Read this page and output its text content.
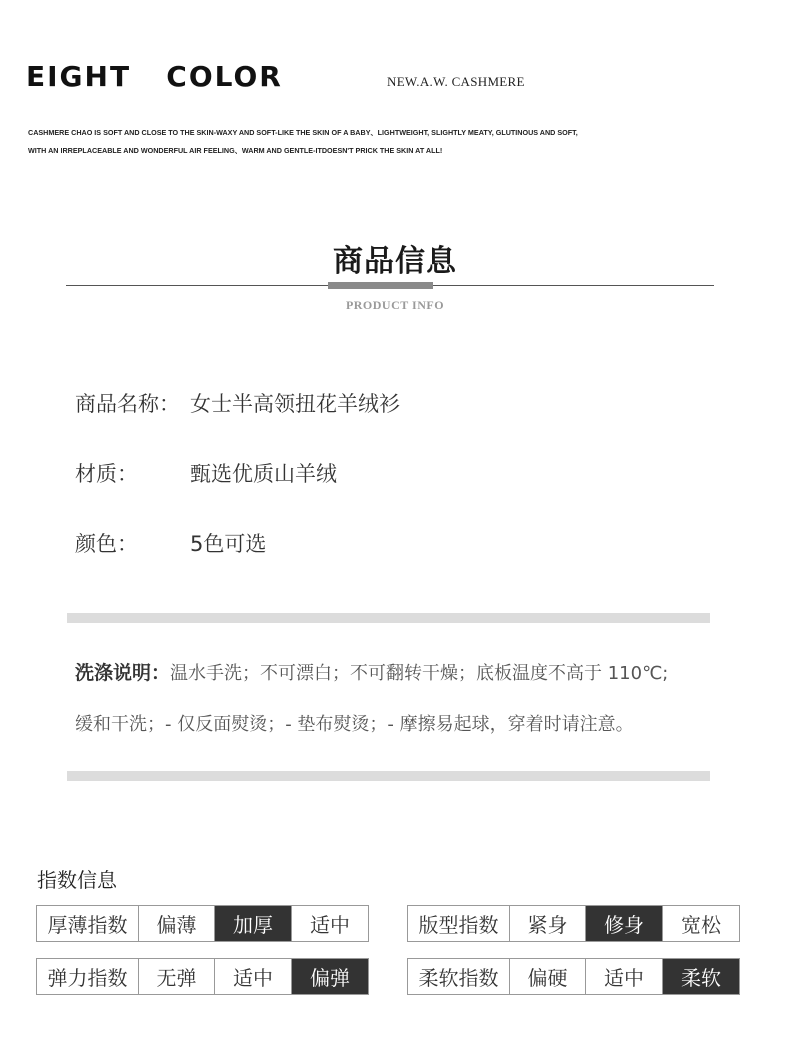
EIGHT   COLOR	NEW.A.W. CASHMERE
CASHMERE CHAO IS SOFT AND CLOSE TO THE SKIN-WAXY AND SOFT-LIKE THE SKIN OF A BABY、LIGHTWEIGHT, SLIGHTLY MEATY, GLUTINOUS AND SOFT,
WITH AN IRREPLACEABLE AND WONDERFUL AIR FEELING、WARM AND GENTLE-ITDOESN'T PRICK THE SKIN AT ALL!
商品信息
PRODUCT INFO
商品名称： 女士半高领扭花羊绒衫
材质：	甄选优质山羊绒
颜色：	5色可选
洗涤说明：温水手洗；不可漂白；不可翻转干燥；底板温度不高于 110℃;
缓和干洗；- 仅反面熨烫；- 垫布熨烫；- 摩擦易起球，穿着时请注意。
指数信息
厚薄指数	偏薄	加厚	适中
弹力指数	无弹	适中	偏弹
版型指数	紧身	修身	宽松
柔软指数	偏硬	适中	柔软
